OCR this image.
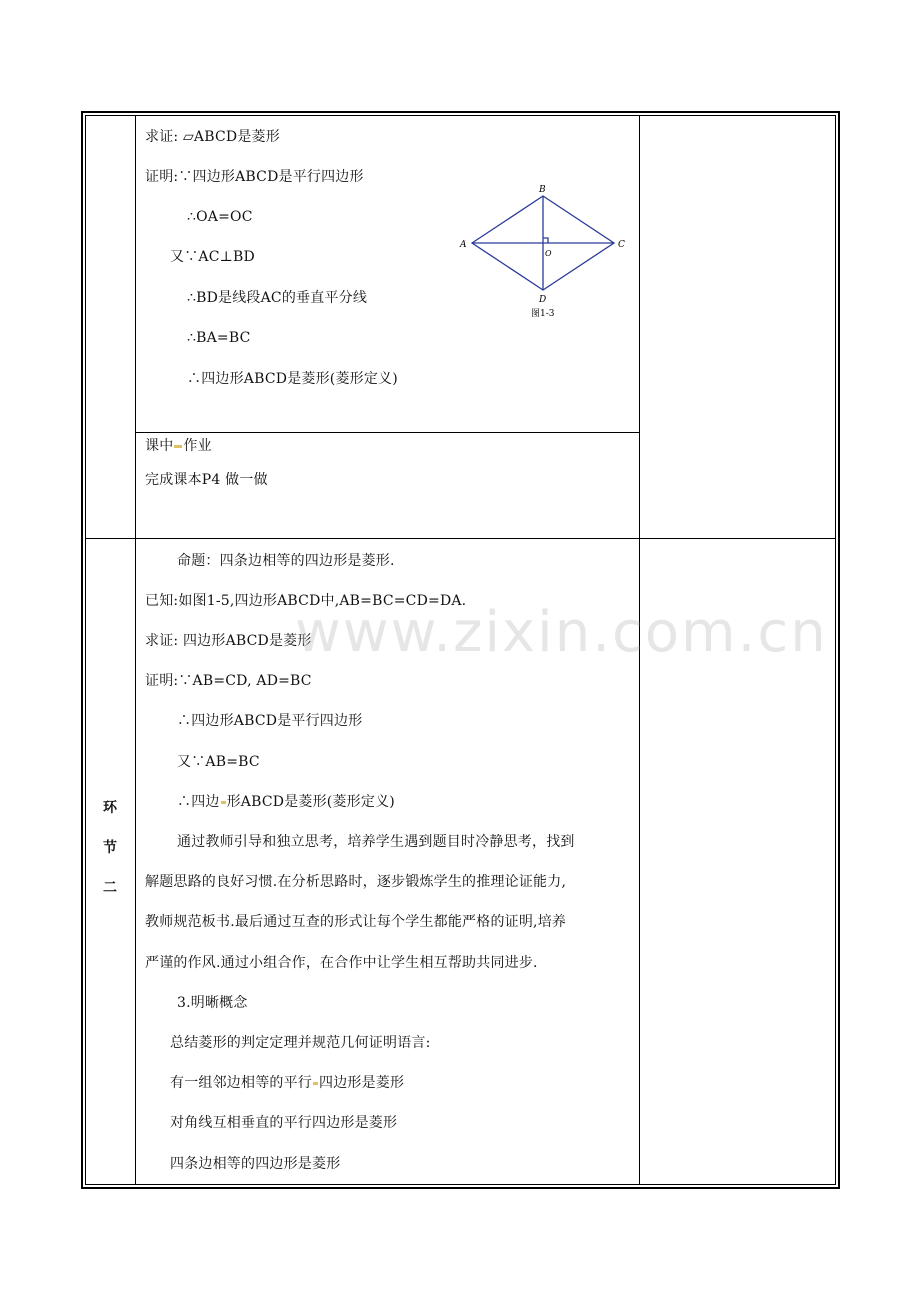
求证: ▱ABCD是菱形
证明:∵四边形ABCD是平行四边形
∴OA=OC
又∵AC⊥BD
∴BD是线段AC的垂直平分线
∴BA=BC
∴四边形ABCD是菱形(菱形定义)
A
B
C
D
O
图1-3
课中 作业
完成课本P4 做一做
环
节
二
命题：四条边相等的四边形是菱形.
已知:如图1-5,四边形ABCD中,AB=BC=CD=DA.
求证: 四边形ABCD是菱形
证明:∵AB=CD, AD=BC
∴四边形ABCD是平行四边形
又∵AB=BC
∴四边 形ABCD是菱形(菱形定义)
通过教师引导和独立思考，培养学生遇到题目时冷静思考，找到
解题思路的良好习惯.在分析思路时，逐步锻炼学生的推理论证能力,
教师规范板书.最后通过互查的形式让每个学生都能严格的证明,培养
严谨的作风.通过小组合作，在合作中让学生相互帮助共同进步.
3.明晰概念
总结菱形的判定定理并规范几何证明语言:
有一组邻边相等的平行 四边形是菱形
对角线互相垂直的平行四边形是菱形
四条边相等的四边形是菱形
www.zixin.com.cn
